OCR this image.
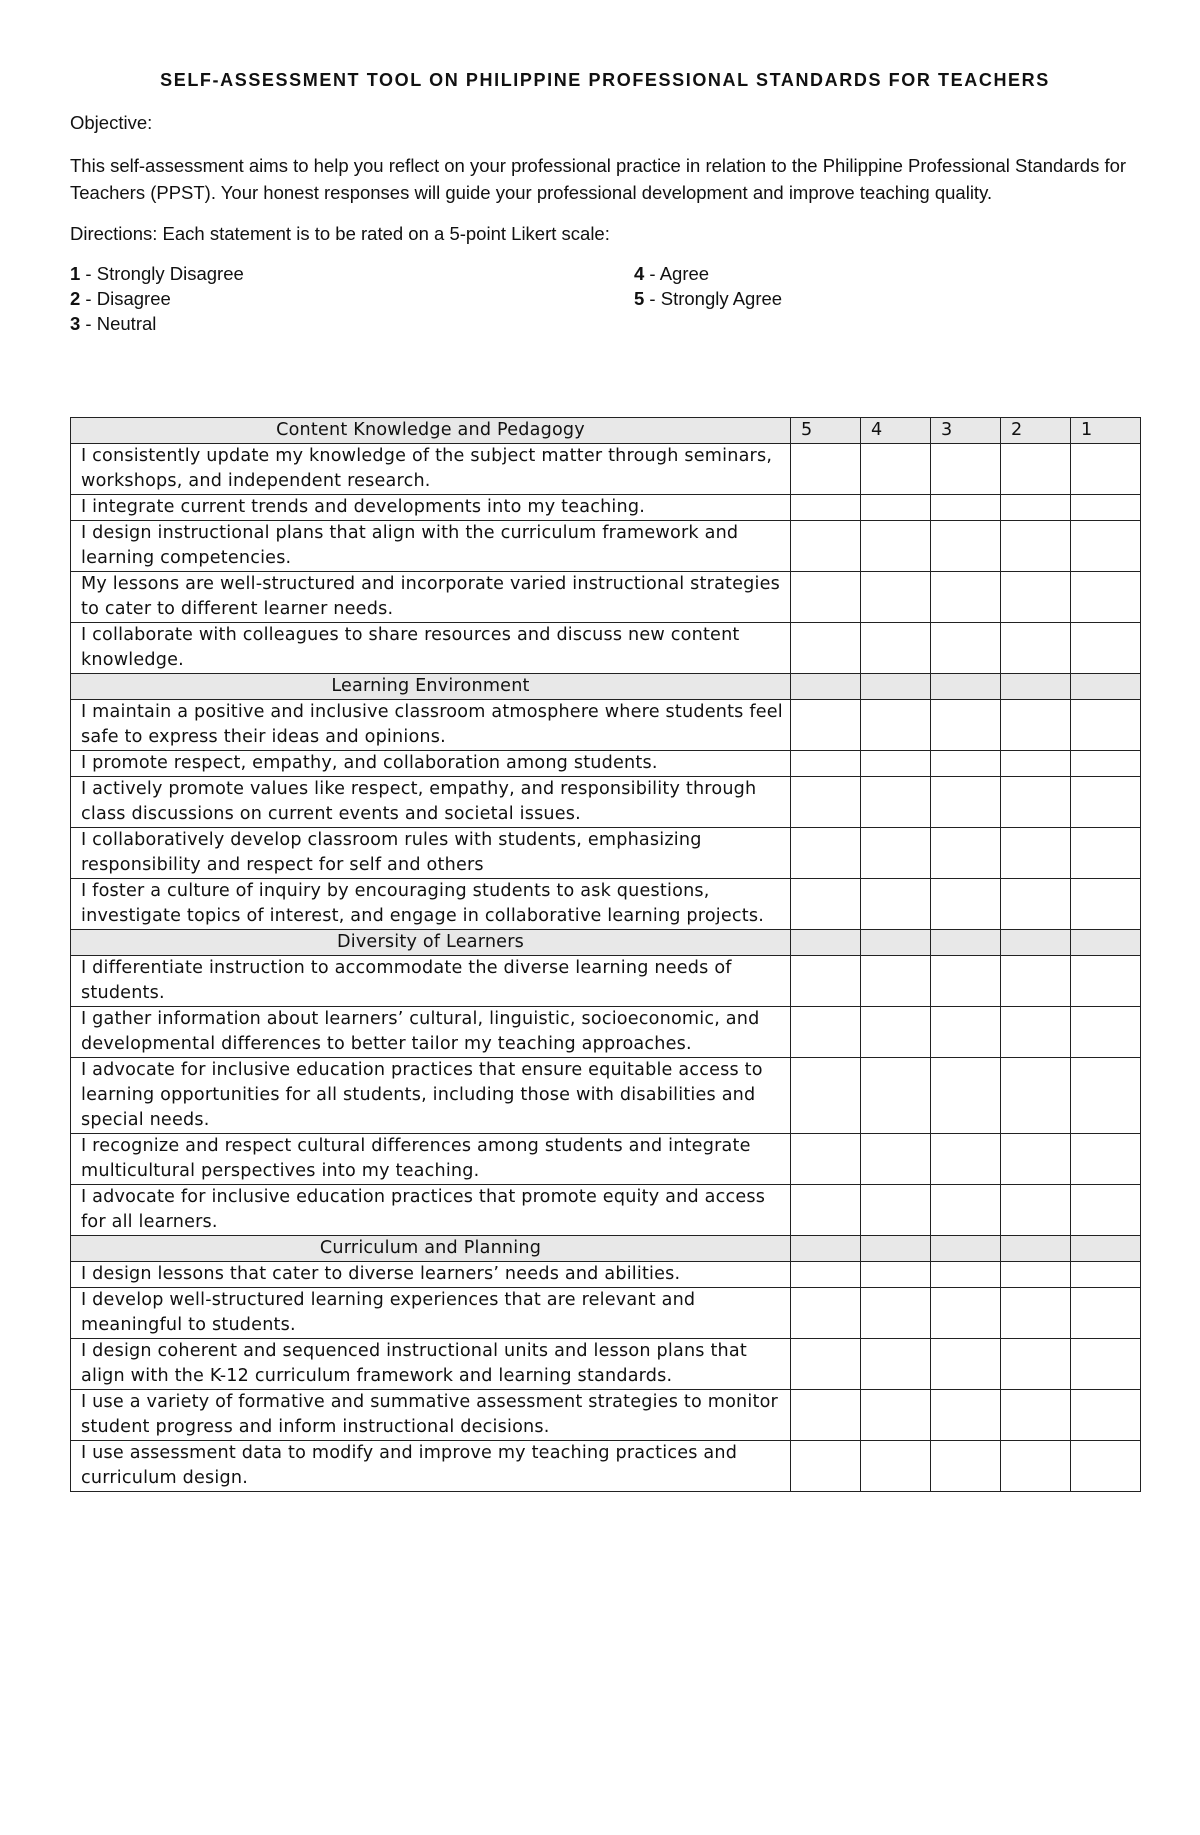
SELF-ASSESSMENT TOOL ON PHILIPPINE PROFESSIONAL STANDARDS FOR TEACHERS

Objective:

This self-assessment aims to help you reflect on your professional practice in relation to the Philippine Professional Standards for Teachers (PPST). Your honest responses will guide your professional development and improve teaching quality.

Directions: Each statement is to be rated on a 5-point Likert scale:

1 - Strongly Disagree	4 - Agree
2 - Disagree	5 - Strongly Agree
3 - Neutral
Content Knowledge and Pedagogy	5	4	3	2	1
I consistently update my knowledge of the subject matter through seminars, workshops, and independent research.					
I integrate current trends and developments into my teaching.					
I design instructional plans that align with the curriculum framework and learning competencies.					
My lessons are well-structured and incorporate varied instructional strategies to cater to different learner needs.					
I collaborate with colleagues to share resources and discuss new content knowledge.					
Learning Environment					
I maintain a positive and inclusive classroom atmosphere where students feel safe to express their ideas and opinions.					
I promote respect, empathy, and collaboration among students.					
I actively promote values like respect, empathy, and responsibility through class discussions on current events and societal issues.					
I collaboratively develop classroom rules with students, emphasizing responsibility and respect for self and others					
I foster a culture of inquiry by encouraging students to ask questions, investigate topics of interest, and engage in collaborative learning projects.					
Diversity of Learners					
I differentiate instruction to accommodate the diverse learning needs of students.					
I gather information about learners’ cultural, linguistic, socioeconomic, and developmental differences to better tailor my teaching approaches.					
I advocate for inclusive education practices that ensure equitable access to learning opportunities for all students, including those with disabilities and special needs.					
I recognize and respect cultural differences among students and integrate multicultural perspectives into my teaching.					
I advocate for inclusive education practices that promote equity and access for all learners.					
Curriculum and Planning					
I design lessons that cater to diverse learners’ needs and abilities.					
I develop well-structured learning experiences that are relevant and meaningful to students.					
I design coherent and sequenced instructional units and lesson plans that align with the K-12 curriculum framework and learning standards.					
I use a variety of formative and summative assessment strategies to monitor student progress and inform instructional decisions.					
I use assessment data to modify and improve my teaching practices and curriculum design.					
